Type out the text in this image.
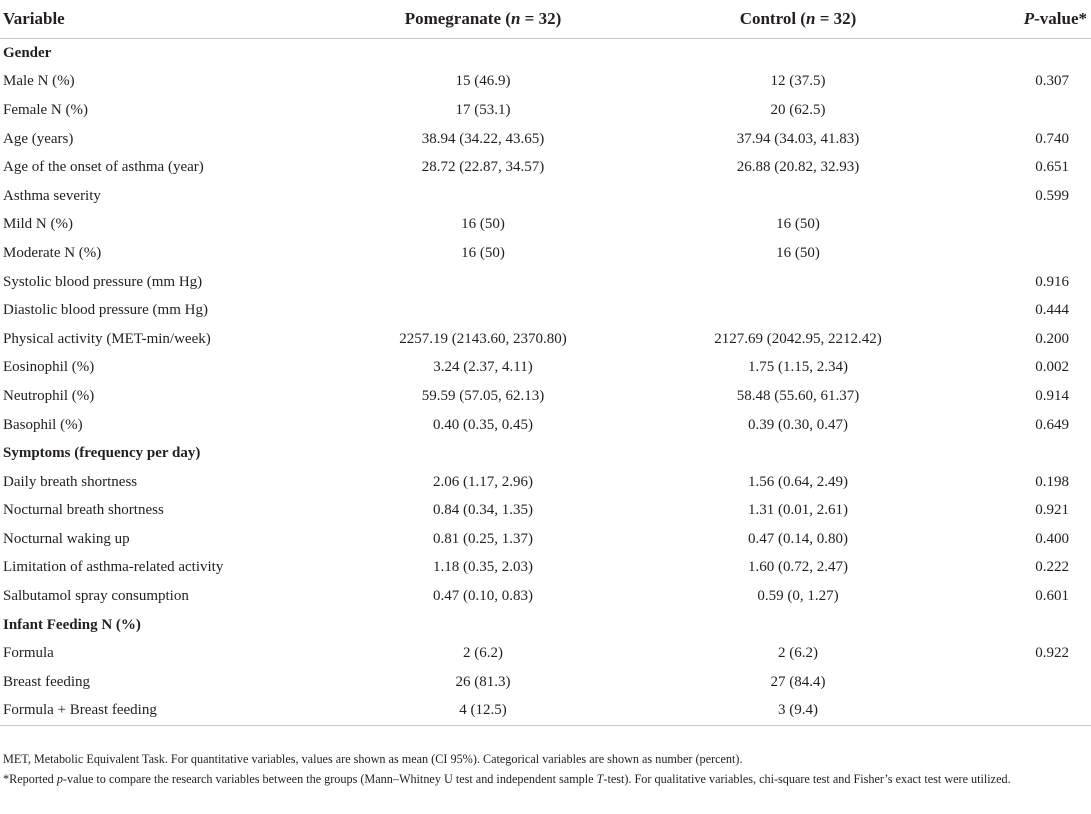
Variable	Pomegranate (n = 32)	Control (n = 32)	P-value*
Gender			
Male N (%)	15 (46.9)	12 (37.5)	0.307
Female N (%)	17 (53.1)	20 (62.5)	
Age (years)	38.94 (34.22, 43.65)	37.94 (34.03, 41.83)	0.740
Age of the onset of asthma (year)	28.72 (22.87, 34.57)	26.88 (20.82, 32.93)	0.651
Asthma severity			0.599
Mild N (%)	16 (50)	16 (50)	
Moderate N (%)	16 (50)	16 (50)	
Systolic blood pressure (mm Hg)			0.916
Diastolic blood pressure (mm Hg)			0.444
Physical activity (MET-min/week)	2257.19 (2143.60, 2370.80)	2127.69 (2042.95, 2212.42)	0.200
Eosinophil (%)	3.24 (2.37, 4.11)	1.75 (1.15, 2.34)	0.002
Neutrophil (%)	59.59 (57.05, 62.13)	58.48 (55.60, 61.37)	0.914
Basophil (%)	0.40 (0.35, 0.45)	0.39 (0.30, 0.47)	0.649
Symptoms (frequency per day)			
Daily breath shortness	2.06 (1.17, 2.96)	1.56 (0.64, 2.49)	0.198
Nocturnal breath shortness	0.84 (0.34, 1.35)	1.31 (0.01, 2.61)	0.921
Nocturnal waking up	0.81 (0.25, 1.37)	0.47 (0.14, 0.80)	0.400
Limitation of asthma-related activity	1.18 (0.35, 2.03)	1.60 (0.72, 2.47)	0.222
Salbutamol spray consumption	0.47 (0.10, 0.83)	0.59 (0, 1.27)	0.601
Infant Feeding N (%)			
Formula	2 (6.2)	2 (6.2)	0.922
Breast feeding	26 (81.3)	27 (84.4)	
Formula + Breast feeding	4 (12.5)	3 (9.4)	

MET, Metabolic Equivalent Task. For quantitative variables, values are shown as mean (CI 95%). Categorical variables are shown as number (percent).

*Reported p-value to compare the research variables between the groups (Mann–Whitney U test and independent sample T-test). For qualitative variables, chi-square test and Fisher’s exact test were utilized.
